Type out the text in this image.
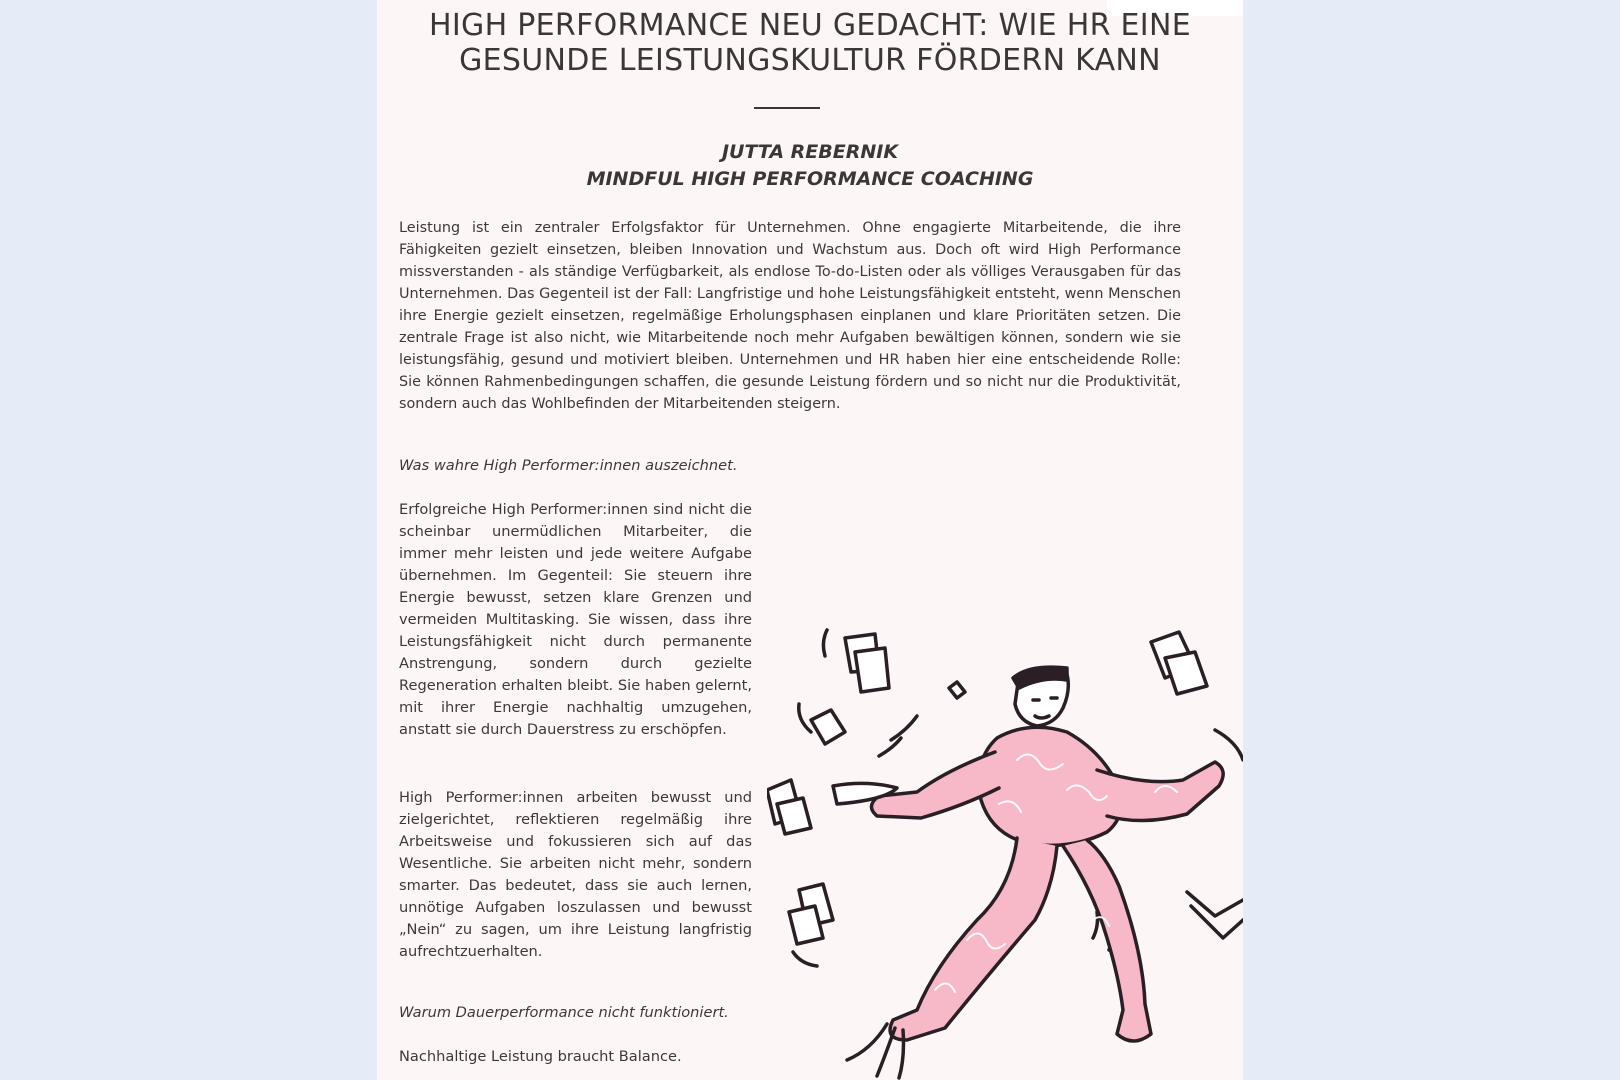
HIGH PERFORMANCE NEU GEDACHT: WIE HR EINE
GESUNDE LEISTUNGSKULTUR FÖRDERN KANN
JUTTA REBERNIK
MINDFUL HIGH PERFORMANCE COACHING

Leistung ist ein zentraler Erfolgsfaktor für Unternehmen. Ohne engagierte Mitarbeitende, die ihre Fähigkeiten gezielt einsetzen, bleiben Innovation und Wachstum aus. Doch oft wird High Performance missverstanden - als ständige Verfügbarkeit, als endlose To-do-Listen oder als völliges Verausgaben für das Unternehmen. Das Gegenteil ist der Fall: Langfristige und hohe Leistungsfähigkeit entsteht, wenn Menschen ihre Energie gezielt einsetzen, regelmäßige Erholungsphasen einplanen und klare Prioritäten setzen. Die zentrale Frage ist also nicht, wie Mitarbeitende noch mehr Aufgaben bewältigen können, sondern wie sie leistungsfähig, gesund und motiviert bleiben. Unternehmen und HR haben hier eine entscheidende Rolle: Sie können Rahmenbedingungen schaffen, die gesunde Leistung fördern und so nicht nur die Produktivität, sondern auch das Wohlbefinden der Mitarbeitenden steigern.

Was wahre High Performer:innen auszeichnet.

Erfolgreiche High Performer:innen sind nicht die scheinbar unermüdlichen Mitarbeiter, die immer mehr leisten und jede weitere Aufgabe übernehmen. Im Gegenteil: Sie steuern ihre Energie bewusst, setzen klare Grenzen und vermeiden Multitasking. Sie wissen, dass ihre Leistungsfähigkeit nicht durch permanente Anstrengung, sondern durch gezielte Regeneration erhalten bleibt. Sie haben gelernt, mit ihrer Energie nachhaltig umzugehen, anstatt sie durch Dauerstress zu erschöpfen.

High Performer:innen arbeiten bewusst und zielgerichtet, reflektieren regelmäßig ihre Arbeitsweise und fokussieren sich auf das Wesentliche. Sie arbeiten nicht mehr, sondern smarter. Das bedeutet, dass sie auch lernen, unnötige Aufgaben loszulassen und bewusst „Nein“ zu sagen, um ihre Leistung langfristig aufrechtzuerhalten.

Warum Dauerperformance nicht funktioniert.

Nachhaltige Leistung braucht Balance.
